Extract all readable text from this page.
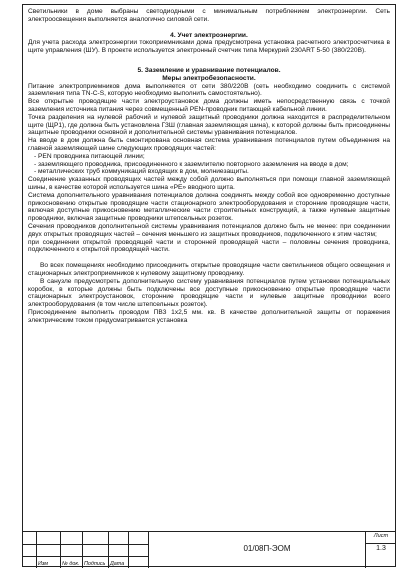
Светильники в доме выбраны светодиодными с минимальным потреблением электроэнергии. Сеть электроосвещения выполняется аналогично силовой сети.

4. Учет электроэнергии.

Для учета расхода электроэнергии токоприемниками дома предусмотрена установка расчетного электросчетчика в щите управления (ШУ). В проекте используется электронный счетчик типа Меркурий 230ART 5-50 (380/220В).

5. Заземление и уравнивание потенциалов.

Меры электробезопасности.

Питание электроприемников дома выполняется от сети 380/220В (сеть необходимо соединить с системой заземления типа TN-C-S, которую необходимо выполнить самостоятельно).

Все открытые проводящие части электроустановок дома должны иметь непосредственную связь с точкой заземления источника питания через совмещенный PEN-проводник питающей кабельной линии.

Точка разделения на нулевой рабочий и нулевой защитный проводники должна находится в распределительном щите (ЩР1), где должна быть установлена ГЗШ (главная заземляющая шина), к которой должны быть присоединены защитные проводники основной и дополнительной системы уравнивания потенциалов.

На вводе в дом должна быть смонтирована основная система уравнивания потенциалов путем объединения на главной заземляющей шине следующих проводящих частей:

- PEN проводника питающей линии;

- заземляющего проводника, присоединенного к заземлителю повторного заземления на вводе в дом;

- металлических труб коммуникаций входящих в дом, молниезащиты.

Соединение указанных проводящих частей между собой должно выполняться при помощи главной заземляющей шины, в качестве которой используется шина «PE» вводного щита.

Система дополнительного уравнивания потенциалов должна соединять между собой все одновременно доступные прикосновению открытые проводящие части стационарного электрооборудования и сторонние проводящие части, включая доступные прикосновению металлические части строительных конструкций, а также нулевые защитные проводники, включая защитные проводники штепсельных розеток.

Сечения проводников дополнительной системы уравнивания потенциалов должно быть не менее: при соединении двух открытых проводящих частей – сечения меньшего из защитных проводников, подключенного к этим частям;

при соединении открытой проводящей части и сторонней проводящей части – половины сечения проводника, подключенного к открытой проводящей части.

Во всех помещениях необходимо присоединить открытые проводящие части светильников общего освещения и стационарных электроприемников к нулевому защитному проводнику.

В санузле предусмотреть дополнительную систему уравнивания потенциалов путем установки потенциальных коробок, в которые должны быть подключены все доступные прикосновению открытые проводящие части стационарных электроустановок, сторонние проводящие части и нулевые защитные проводники всего электрооборудования (в том числе штепсельных розеток).

Присоединение выполнить проводом ПВ3 1х2,5 мм. кв. В качестве дополнительной защиты от поражения электрическим током предусматривается установка

Изм	№ док. Подпись Дата
01/08П-ЭОМ
Лист
1.3
